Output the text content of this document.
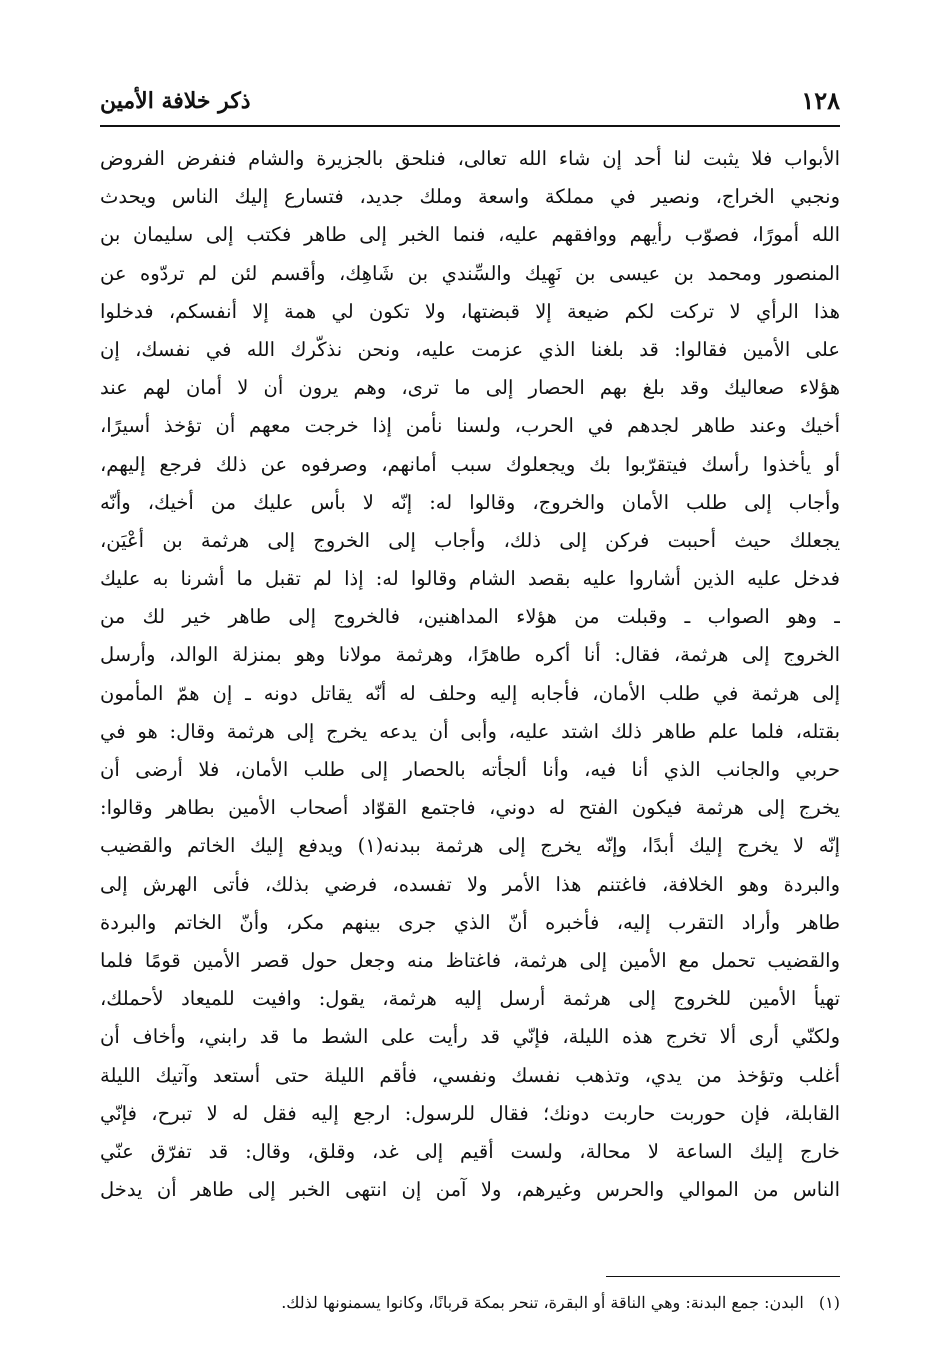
١٢٨
ذكر خلافة الأمين
الأبواب فلا يثبت لنا أحد إن شاء الله تعالى، فنلحق بالجزيرة والشام فنفرض الفروض
ونجبي الخراج، ونصير في مملكة واسعة وملك جديد، فتسارع إليك الناس ويحدث
الله أمورًا، فصوّب رأيهم ووافقهم عليه، فنما الخبر إلى طاهر فكتب إلى سليمان بن
المنصور ومحمد بن عيسى بن نَهِيك والسِّندي بن شَاهِك، وأقسم لئن لم تردّوه عن
هذا الرأي لا تركت لكم ضيعة إلا قبضتها، ولا تكون لي همة إلا أنفسكم، فدخلوا
على الأمين فقالوا: قد بلغنا الذي عزمت عليه، ونحن نذكّرك الله في نفسك، إن
هؤلاء صعاليك وقد بلغ بهم الحصار إلى ما ترى، وهم يرون أن لا أمان لهم عند
أخيك وعند طاهر لجدهم في الحرب، ولسنا نأمن إذا خرجت معهم أن تؤخذ أسيرًا،
أو يأخذوا رأسك فيتقرّبوا بك ويجعلوك سبب أمانهم، وصرفوه عن ذلك فرجع إليهم،
وأجاب إلى طلب الأمان والخروج، وقالوا له: إنّه لا بأس عليك من أخيك، وأنّه
يجعلك حيث أحببت فركن إلى ذلك، وأجاب إلى الخروج إلى هرثمة بن أعْيَن،
فدخل عليه الذين أشاروا عليه بقصد الشام وقالوا له: إذا لم تقبل ما أشرنا به عليك
ـ وهو الصواب ـ وقبلت من هؤلاء المداهنين، فالخروج إلى طاهر خير لك من
الخروج إلى هرثمة، فقال: أنا أكره طاهرًا، وهرثمة مولانا وهو بمنزلة الوالد، وأرسل
إلى هرثمة في طلب الأمان، فأجابه إليه وحلف له أنّه يقاتل دونه ـ إن همّ المأمون
بقتله، فلما علم طاهر ذلك اشتد عليه، وأبى أن يدعه يخرج إلى هرثمة وقال: هو في
حربي والجانب الذي أنا فيه، وأنا ألجأته بالحصار إلى طلب الأمان، فلا أرضى أن
يخرج إلى هرثمة فيكون الفتح له دوني، فاجتمع القوّاد أصحاب الأمين بطاهر وقالوا:
إنّه لا يخرج إليك أبدًا، وإنّه يخرج إلى هرثمة ببدنه(١) ويدفع إليك الخاتم والقضيب
والبردة وهو الخلافة، فاغتنم هذا الأمر ولا تفسده، فرضي بذلك، فأتى الهرش إلى
طاهر وأراد التقرب إليه، فأخبره أنّ الذي جرى بينهم مكر، وأنّ الخاتم والبردة
والقضيب تحمل مع الأمين إلى هرثمة، فاغتاظ منه وجعل حول قصر الأمين قومًا فلما
تهيأ الأمين للخروج إلى هرثمة أرسل إليه هرثمة، يقول: وافيت للميعاد لأحملك،
ولكنّي أرى ألا تخرج هذه الليلة، فإنّي قد رأيت على الشط ما قد رابني، وأخاف أن
أغلب وتؤخذ من يدي، وتذهب نفسك ونفسي، فأقم الليلة حتى أستعد وآتيك الليلة
القابلة، فإن حوربت حاربت دونك؛ فقال للرسول: ارجع إليه فقل له لا تبرح، فإنّي
خارج إليك الساعة لا محالة، ولست أقيم إلى غد، وقلق، وقال: قد تفرّق عنّي
الناس من الموالي والحرس وغيرهم، ولا آمن إن انتهى الخبر إلى طاهر أن يدخل
(١) البدن: جمع البدنة: وهي الناقة أو البقرة، تنحر بمكة قربانًا، وكانوا يسمنونها لذلك.
